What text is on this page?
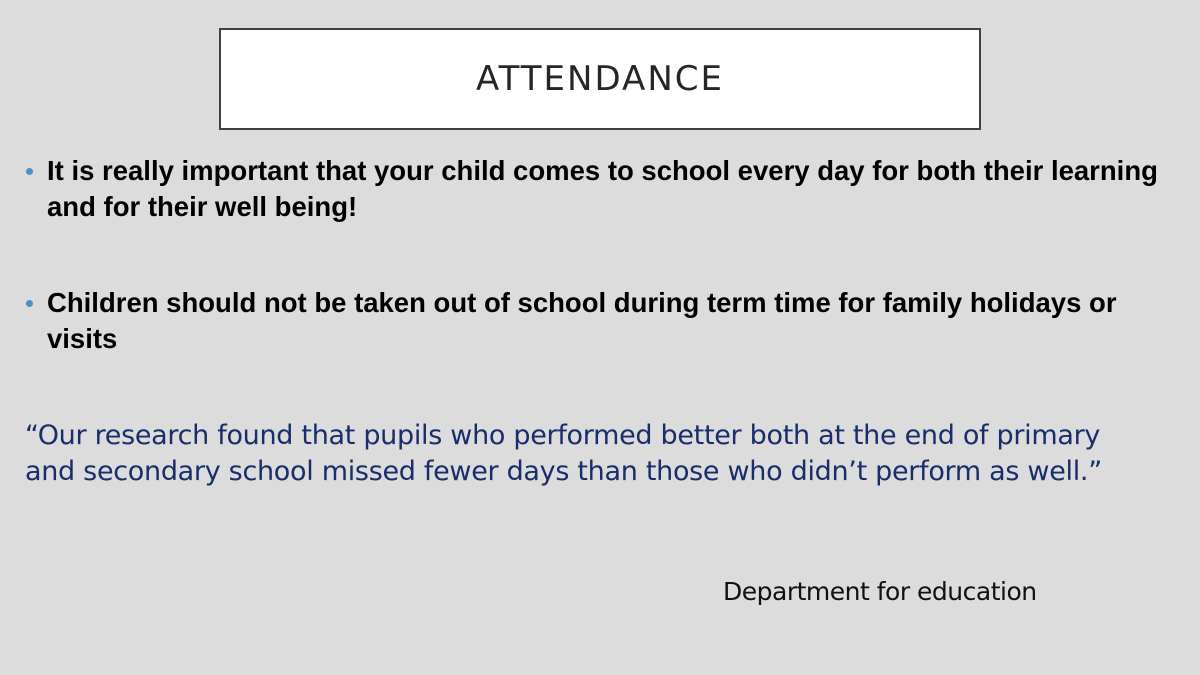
ATTENDANCE
It is really important that your child comes to school every day for both their learning and for their well being!
Children should not be taken out of school during term time for family holidays or visits
“Our research found that pupils who performed better both at the end of primary and secondary school missed fewer days than those who didn’t perform as well.”
Department for education
